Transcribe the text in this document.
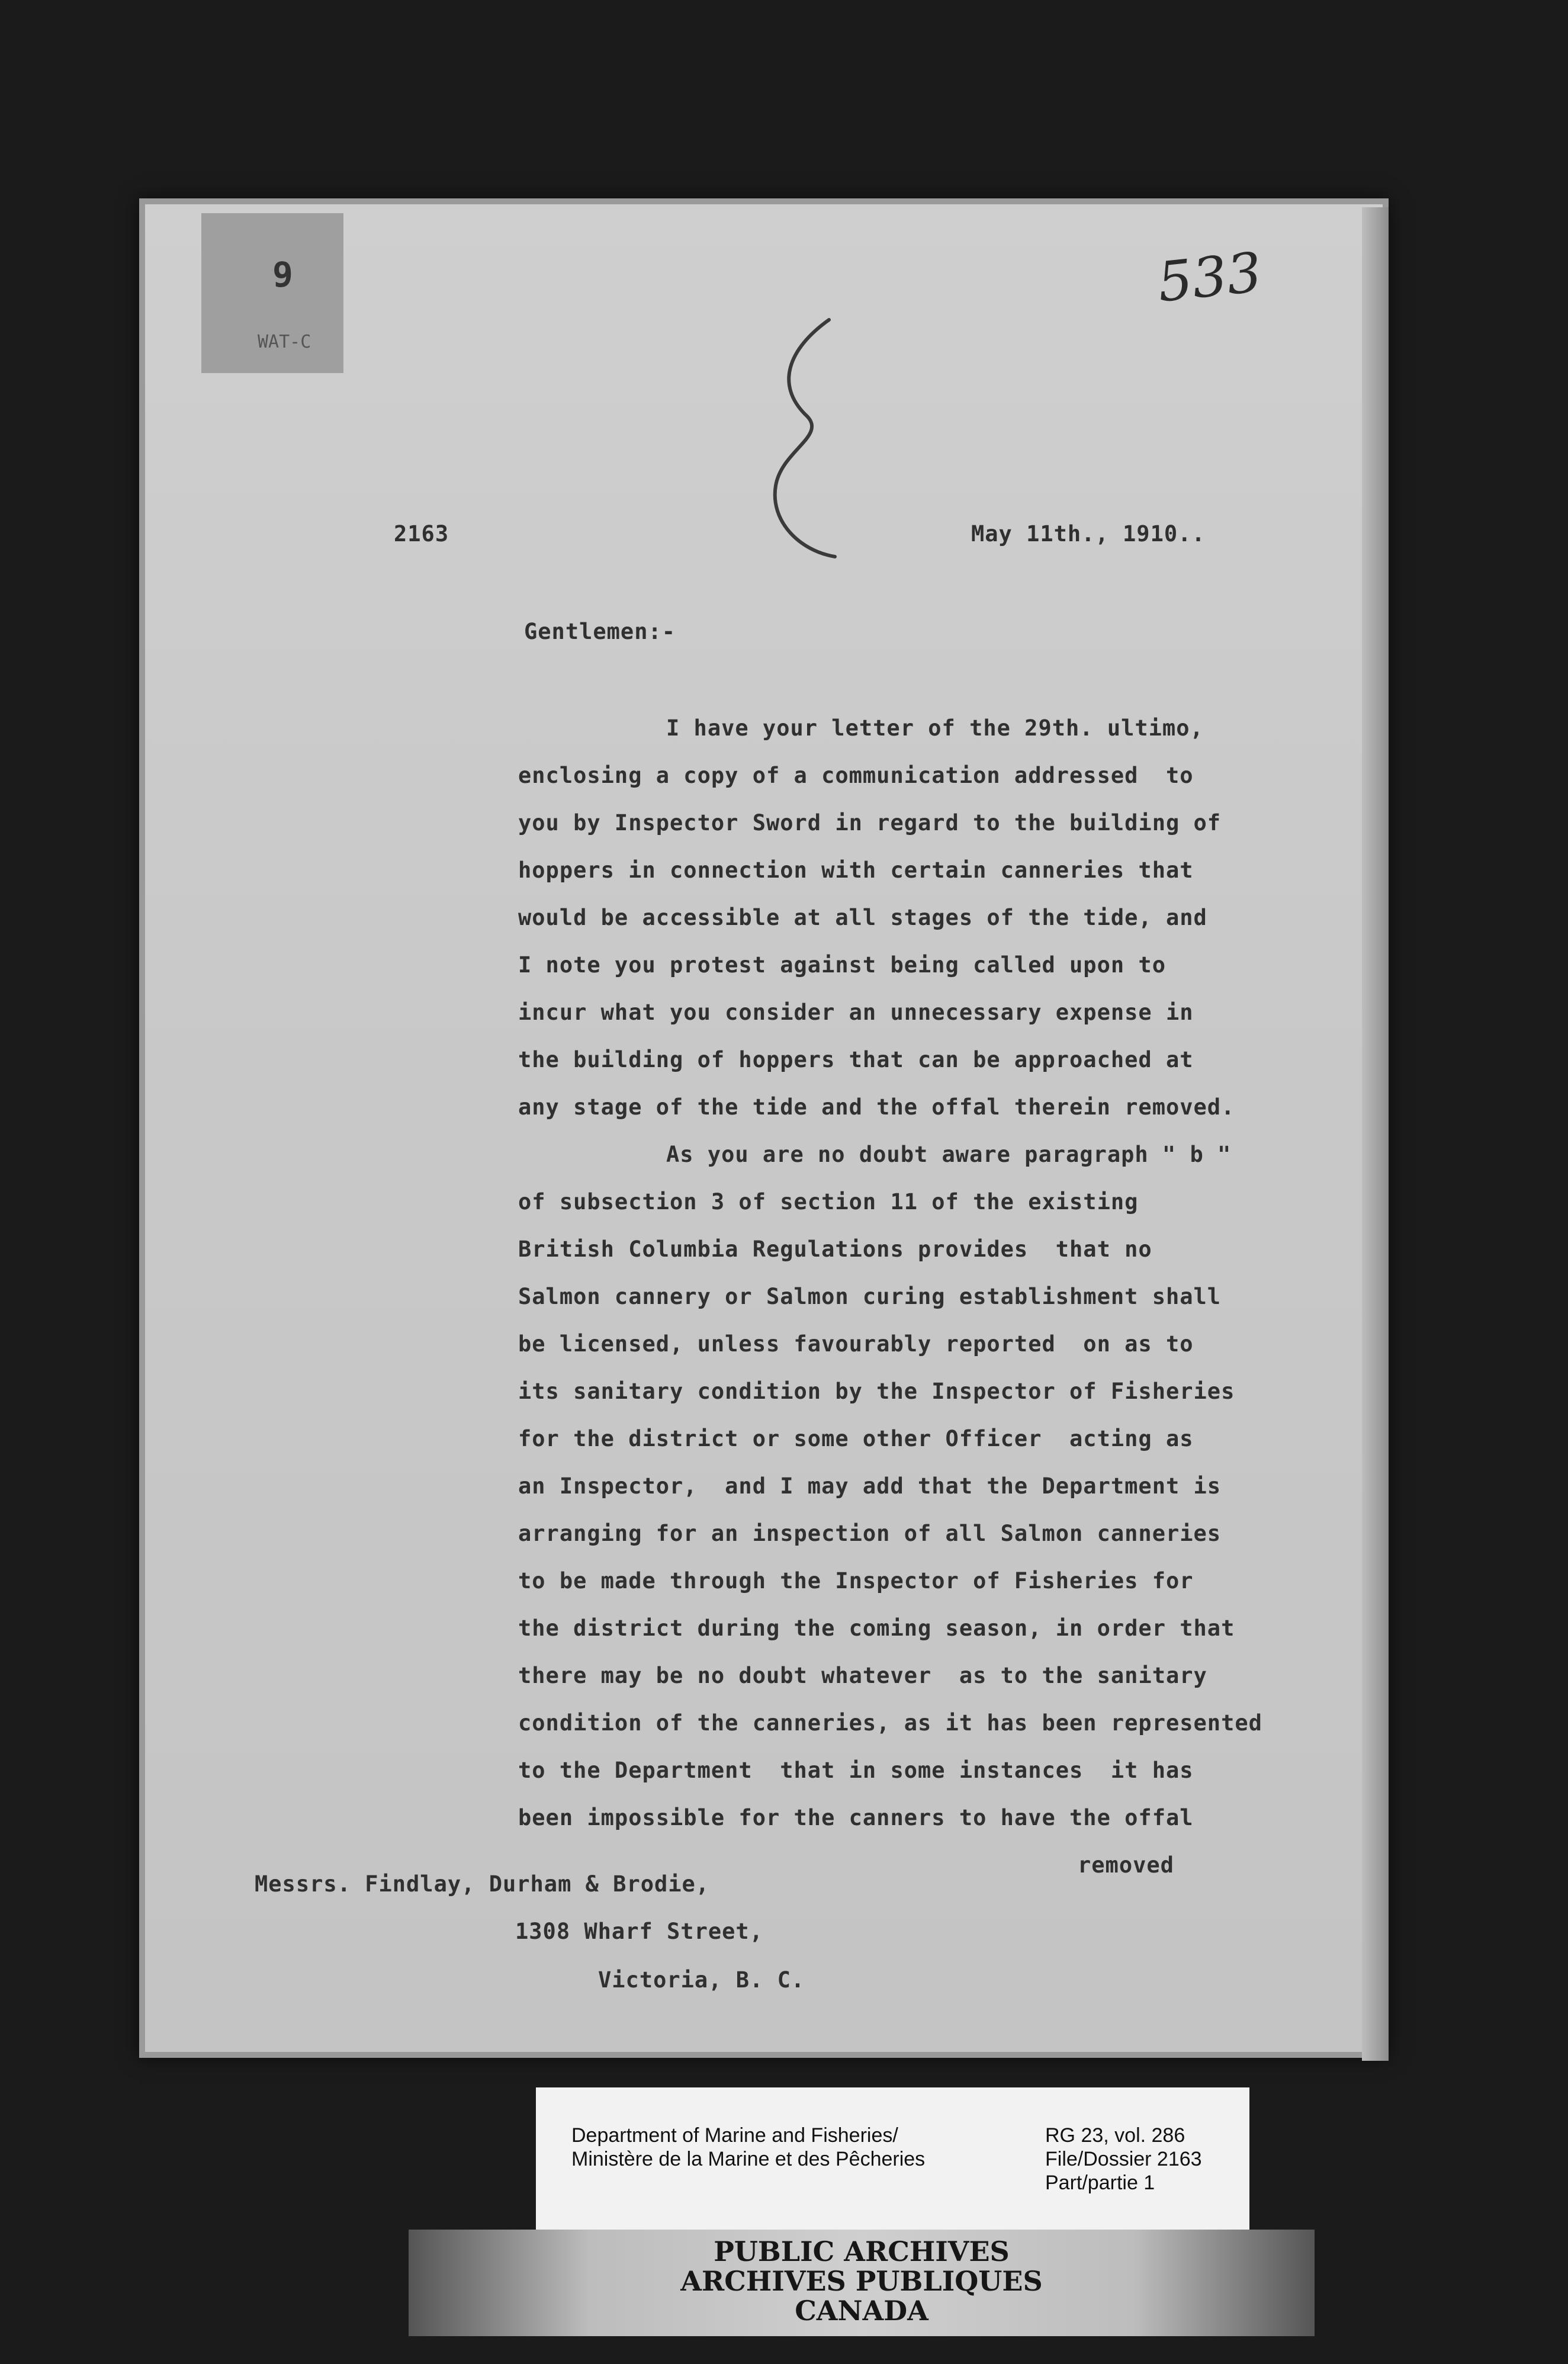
9
WAT-C
533
2163	May 11th., 1910..
Gentlemen:-
I have your letter of the 29th. ultimo,
enclosing a copy of a communication addressed  to
you by Inspector Sword in regard to the building of
hoppers in connection with certain canneries that
would be accessible at all stages of the tide, and
I note you protest against being called upon to
incur what you consider an unnecessary expense in
the building of hoppers that can be approached at
any stage of the tide and the offal therein removed.
As you are no doubt aware paragraph " b "
of subsection 3 of section 11 of the existing
British Columbia Regulations provides  that no
Salmon cannery or Salmon curing establishment shall
be licensed, unless favourably reported  on as to
its sanitary condition by the Inspector of Fisheries
for the district or some other Officer  acting as
an Inspector,  and I may add that the Department is
arranging for an inspection of all Salmon canneries
to be made through the Inspector of Fisheries for
the district during the coming season, in order that
there may be no doubt whatever  as to the sanitary
condition of the canneries, as it has been represented
to the Department  that in some instances  it has
been impossible for the canners to have the offal
removed
Messrs. Findlay, Durham & Brodie,
1308 Wharf Street,
Victoria, B. C.
Department of Marine and Fisheries/
Ministère de la Marine et des Pêcheries
RG 23, vol. 286
File/Dossier 2163
Part/partie 1
PUBLIC ARCHIVES
ARCHIVES PUBLIQUES
CANADA
